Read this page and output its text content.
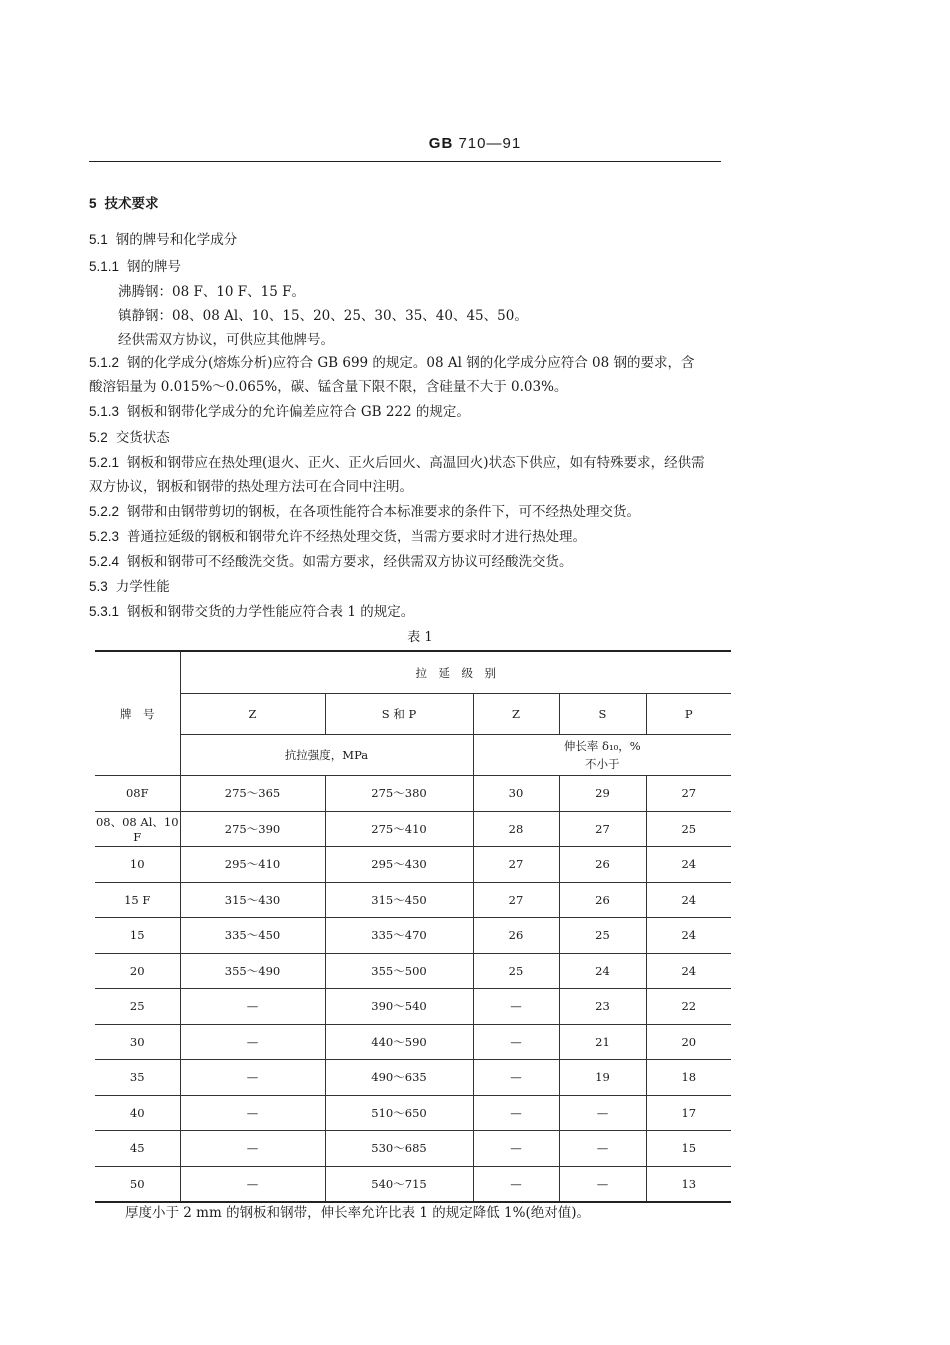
GB 710—91
5 技术要求
5.1 钢的牌号和化学成分
5.1.1 钢的牌号
沸腾钢：08 F、10 F、15 F。
镇静钢：08、08 Al、10、15、20、25、30、35、40、45、50。
经供需双方协议，可供应其他牌号。
5.1.2 钢的化学成分(熔炼分析)应符合 GB 699 的规定。08 Al 钢的化学成分应符合 08 钢的要求，含
酸溶铝量为 0.015%～0.065%，碳、锰含量下限不限，含硅量不大于 0.03%。
5.1.3 钢板和钢带化学成分的允许偏差应符合 GB 222 的规定。
5.2 交货状态
5.2.1 钢板和钢带应在热处理(退火、正火、正火后回火、高温回火)状态下供应，如有特殊要求，经供需
双方协议，钢板和钢带的热处理方法可在合同中注明。
5.2.2 钢带和由钢带剪切的钢板，在各项性能符合本标准要求的条件下，可不经热处理交货。
5.2.3 普通拉延级的钢板和钢带允许不经热处理交货，当需方要求时才进行热处理。
5.2.4 钢板和钢带可不经酸洗交货。如需方要求，经供需双方协议可经酸洗交货。
5.3 力学性能
5.3.1 钢板和钢带交货的力学性能应符合表 1 的规定。
表 1
牌　号	拉　延　级　别				
	Z	S 和 P	Z	S	P
	抗拉强度，MPa		伸长率 δ₁₀，%
不小于		

08F	275～365	275～380	30	29	27
08、08 Al、10 F	275～390	275～410	28	27	25
10	295～410	295～430	27	26	24
15 F	315～430	315～450	27	26	24
15	335～450	335～470	26	25	24
20	355～490	355～500	25	24	24
25	—	390～540	—	23	22
30	—	440～590	—	21	20
35	—	490～635	—	19	18
40	—	510～650	—	—	17
45	—	530～685	—	—	15
50	—	540～715	—	—	13
厚度小于 2 mm 的钢板和钢带，伸长率允许比表 1 的规定降低 1%(绝对值)。
